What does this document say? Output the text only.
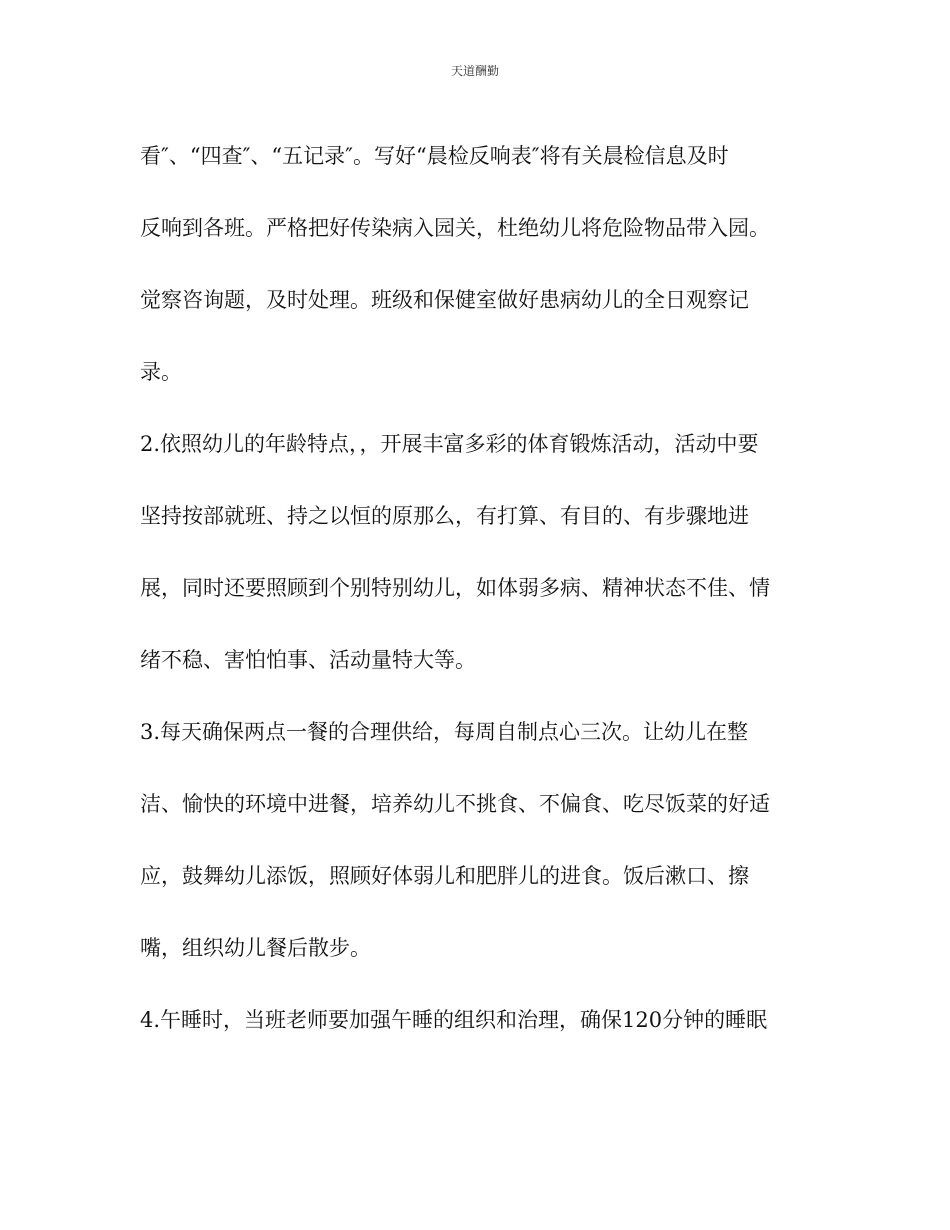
天道酬勤
看″、“四查″、“五记录″。写好“晨检反响表″将有关晨检信息及时
反响到各班。严格把好传染病入园关，杜绝幼儿将危险物品带入园。
觉察咨询题，及时处理。班级和保健室做好患病幼儿的全日观察记
录。
2.依照幼儿的年龄特点，，开展丰富多彩的体育锻炼活动，活动中要
坚持按部就班、持之以恒的原那么，有打算、有目的、有步骤地进
展，同时还要照顾到个别特别幼儿，如体弱多病、精神状态不佳、情
绪不稳、害怕怕事、活动量特大等。
3.每天确保两点一餐的合理供给，每周自制点心三次。让幼儿在整
洁、愉快的环境中进餐，培养幼儿不挑食、不偏食、吃尽饭菜的好适
应，鼓舞幼儿添饭，照顾好体弱儿和肥胖儿的进食。饭后漱口、擦
嘴，组织幼儿餐后散步。
4.午睡时，当班老师要加强午睡的组织和治理，确保120分钟的睡眠
